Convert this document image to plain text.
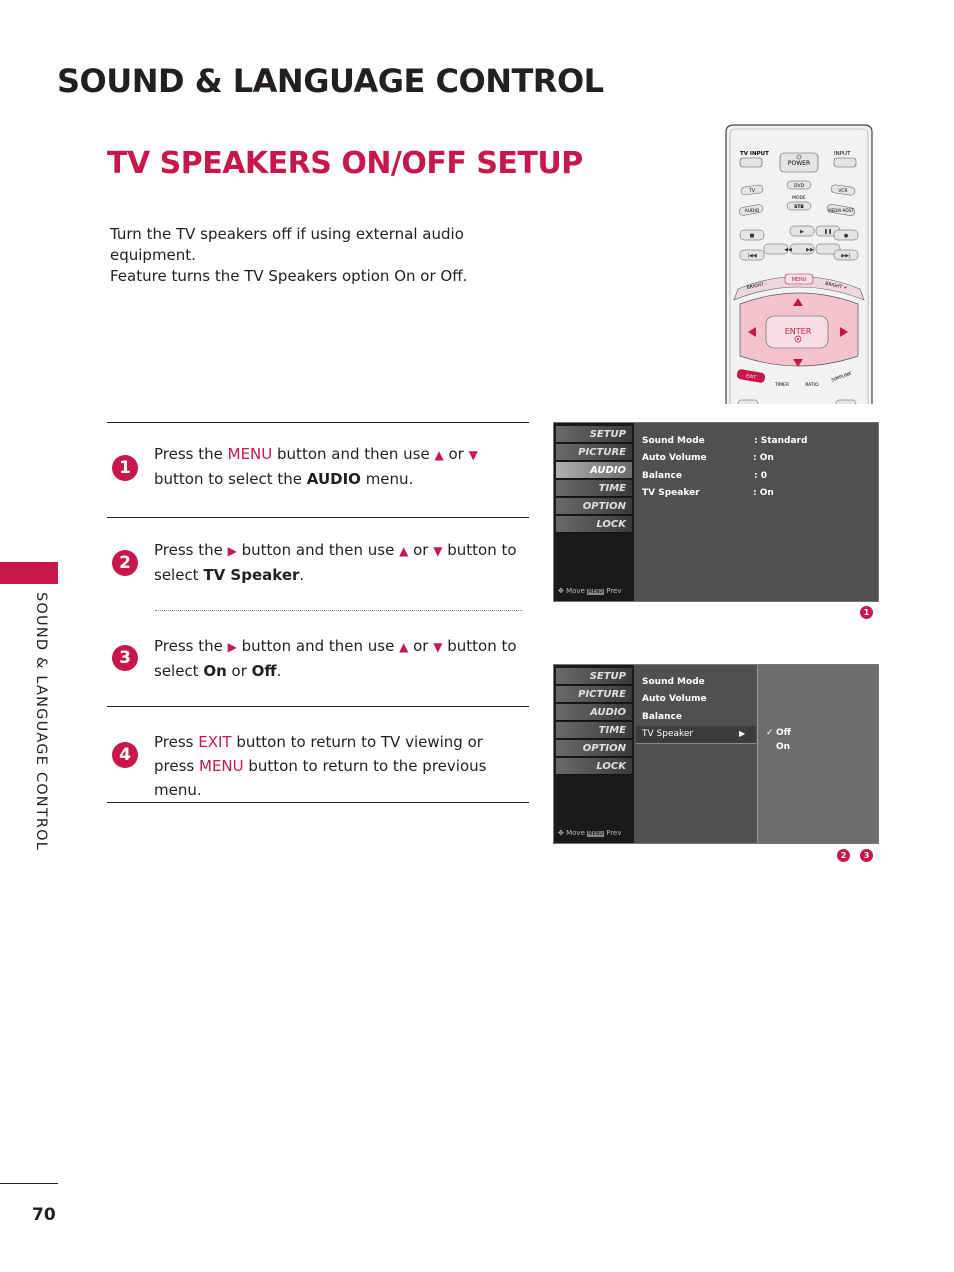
SOUND & LANGUAGE CONTROL
TV SPEAKERS ON/OFF SETUP
Turn the TV speakers off if using external audio equipment.
Feature turns the TV Speakers option On or Off.
SOUND & LANGUAGE CONTROL
70
1
Press the MENU button and then use ▲ or ▼ button to select the AUDIO menu.
2
Press the ▶ button and then use ▲ or ▼ button to select TV Speaker.
3
Press the ▶ button and then use ▲ or ▼ button to select On or Off.
4
Press EXIT button to return to TV viewing or press MENU button to return to the previous menu.
TV INPUT	INPUT
POWER
TV
DVD
VCR
MODE
AUDIO
STB
MEDIA HOST
■
▶	❚❚
●
|◀◀
◀◀	▶▶
▶▶|
BRIGHT -
MENU
BRIGHT +
ENTER
EXIT
TIMER	RATIO
SIMPLINK
SETUP
PICTURE
AUDIO
TIME
OPTION
LOCK
✥ Move MENU Prev
Sound Mode	: Standard
Auto Volume	: On
Balance	: 0
TV Speaker	: On
1
SETUP
PICTURE
AUDIO
TIME
OPTION
LOCK
✥ Move MENU Prev
Sound Mode
Auto Volume
Balance
TV Speaker	▶ ✓ Off
On
2	3
